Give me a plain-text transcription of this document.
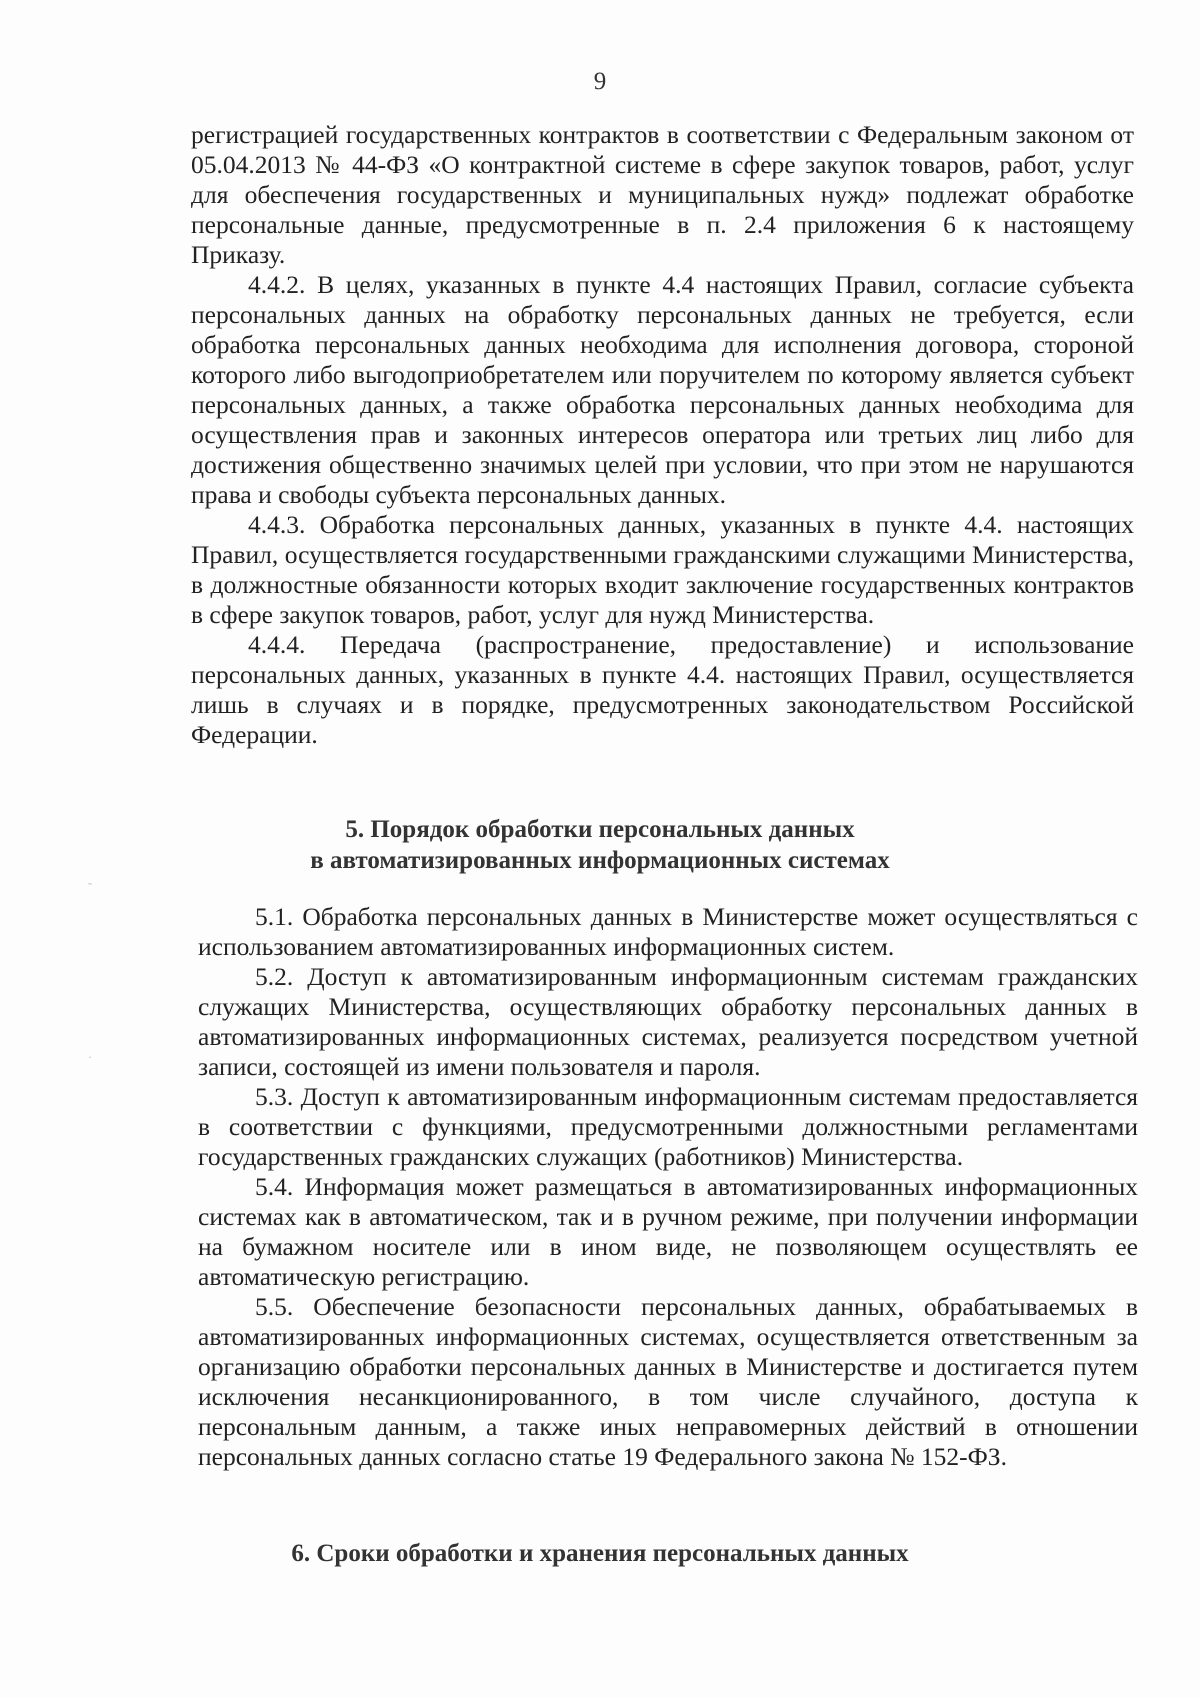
9

регистрацией государственных контрактов в соответствии с Федеральным законом от 05.04.2013 № 44-ФЗ «О контрактной системе в сфере закупок товаров, работ, услуг для обеспечения государственных и муниципальных нужд» подлежат обработке персональные данные, предусмотренные в п. 2.4 приложения 6 к настоящему Приказу.

4.4.2. В целях, указанных в пункте 4.4 настоящих Правил, согласие субъекта персональных данных на обработку персональных данных не требуется, если обработка персональных данных необходима для исполнения договора, стороной которого либо выгодоприобретателем или поручителем по которому является субъект персональных данных, а также обработка персональных данных необходима для осуществления прав и законных интересов оператора или третьих лиц либо для достижения общественно значимых целей при условии, что при этом не нарушаются права и свободы субъекта персональных данных.

4.4.3. Обработка персональных данных, указанных в пункте 4.4. настоящих Правил, осуществляется государственными гражданскими служащими Министерства, в должностные обязанности которых входит заключение государственных контрактов в сфере закупок товаров, работ, услуг для нужд Министерства.

4.4.4. Передача (распространение, предоставление) и использование персональных данных, указанных в пункте 4.4. настоящих Правил, осуществляется лишь в случаях и в порядке, предусмотренных законодательством Российской Федерации.

5. Порядок обработки персональных данных
в автоматизированных информационных системах

5.1. Обработка персональных данных в Министерстве может осуществляться с использованием автоматизированных информационных систем.

5.2. Доступ к автоматизированным информационным системам гражданских служащих Министерства, осуществляющих обработку персональных данных в автоматизированных информационных системах, реализуется посредством учетной записи, состоящей из имени пользователя и пароля.

5.3. Доступ к автоматизированным информационным системам предоставляется в соответствии с функциями, предусмотренными должностными регламентами государственных гражданских служащих (работников) Министерства.

5.4. Информация может размещаться в автоматизированных информационных системах как в автоматическом, так и в ручном режиме, при получении информации на бумажном носителе или в ином виде, не позволяющем осуществлять ее автоматическую регистрацию.

5.5. Обеспечение безопасности персональных данных, обрабатываемых в автоматизированных информационных системах, осуществляется ответственным за организацию обработки персональных данных в Министерстве и достигается путем исключения несанкционированного, в том числе случайного, доступа к персональным данным, а также иных неправомерных действий в отношении персональных данных согласно статье 19 Федерального закона № 152-ФЗ.

6. Сроки обработки и хранения персональных данных
˜
·
